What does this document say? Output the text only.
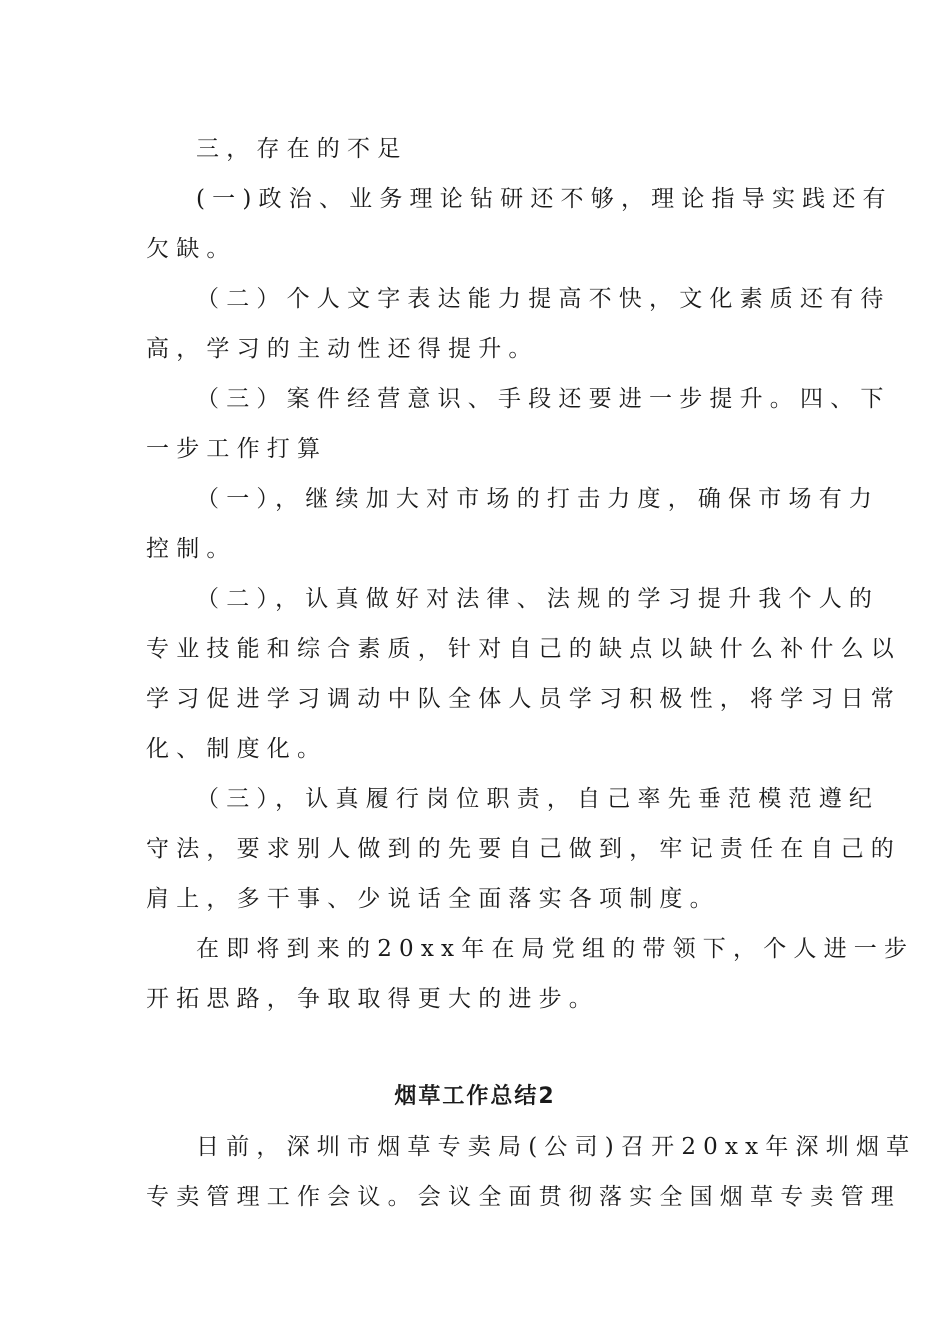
三，存在的不足
(一)政治、业务理论钻研还不够，理论指导实践还有
欠缺。
（二）个人文字表达能力提高不快，文化素质还有待
高，学习的主动性还得提升。
（三）案件经营意识、手段还要进一步提升。四、下
一步工作打算
（一），继续加大对市场的打击力度，确保市场有力
控制。
（二），认真做好对法律、法规的学习提升我个人的
专业技能和综合素质，针对自己的缺点以缺什么补什么以
学习促进学习调动中队全体人员学习积极性，将学习日常
化、制度化。
（三），认真履行岗位职责，自己率先垂范模范遵纪
守法，要求别人做到的先要自己做到，牢记责任在自己的
肩上，多干事、少说话全面落实各项制度。
在即将到来的20xx年在局党组的带领下，个人进一步
开拓思路，争取取得更大的进步。
烟草工作总结2
日前，深圳市烟草专卖局(公司)召开20xx年深圳烟草
专卖管理工作会议。会议全面贯彻落实全国烟草专卖管理
